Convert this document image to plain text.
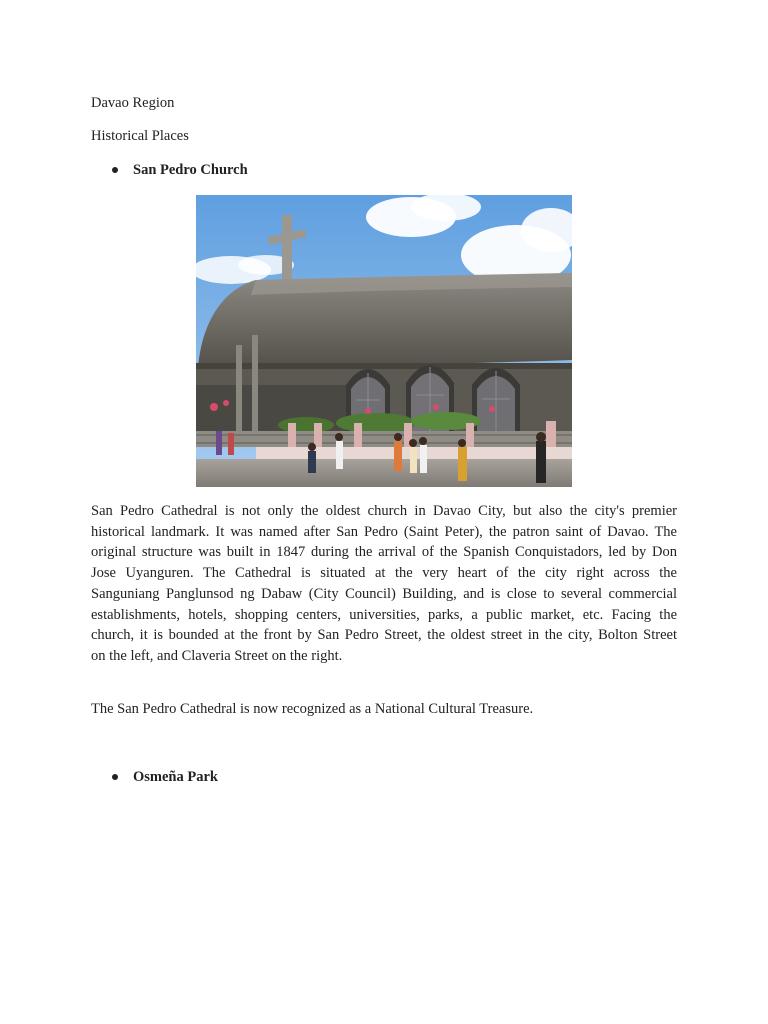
Davao Region
Historical Places
San Pedro Church
San Pedro Cathedral is not only the oldest church in Davao City, but also the city's premier
historical landmark. It was named after San Pedro (Saint Peter), the patron saint of Davao. The
original structure was built in 1847 during the arrival of the Spanish Conquistadors, led by Don
Jose Uyanguren. The Cathedral is situated at the very heart of the city right across the
Sanguniang Panglunsod ng Dabaw (City Council) Building, and is close to several commercial
establishments, hotels, shopping centers, universities, parks, a public market, etc. Facing the
church, it is bounded at the front by San Pedro Street, the oldest street in the city, Bolton Street
on the left, and Claveria Street on the right.
The San Pedro Cathedral is now recognized as a National Cultural Treasure.
Osmeña Park
